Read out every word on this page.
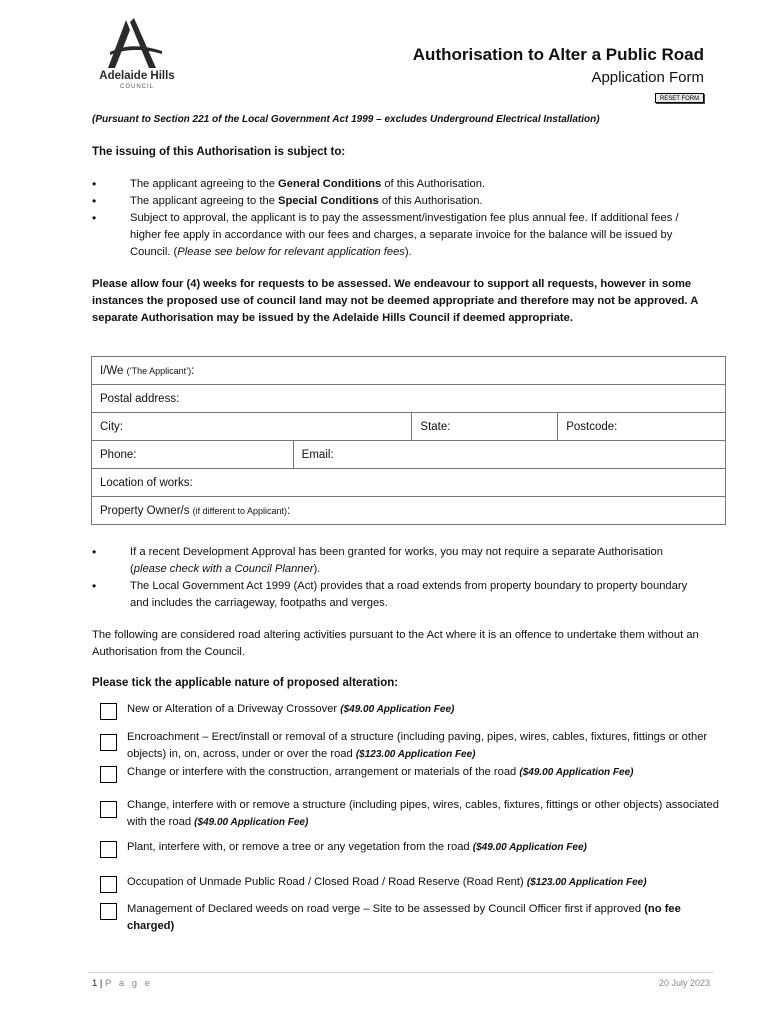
Adelaide Hills
COUNCIL
Authorisation to Alter a Public Road
Application Form
RESET FORM
(Pursuant to Section 221 of the Local Government Act 1999 – excludes Underground Electrical Installation)
The issuing of this Authorisation is subject to:
• The applicant agreeing to the General Conditions of this Authorisation.
• The applicant agreeing to the Special Conditions of this Authorisation.
• Subject to approval, the applicant is to pay the assessment/investigation fee plus annual fee. If additional fees / higher fee apply in accordance with our fees and charges, a separate invoice for the balance will be issued by Council. (Please see below for relevant application fees).
Please allow four (4) weeks for requests to be assessed. We endeavour to support all requests, however in some instances the proposed use of council land may not be deemed appropriate and therefore may not be approved. A separate Authorisation may be issued by the Adelaide Hills Council if deemed appropriate.
I/We (‘The Applicant’):			
Postal address:			
City:		State:	Postcode:
Phone:	Email:		
Location of works:			
Property Owner/s (if different to Applicant):			
• If a recent Development Approval has been granted for works, you may not require a separate Authorisation (please check with a Council Planner).
• The Local Government Act 1999 (Act) provides that a road extends from property boundary to property boundary and includes the carriageway, footpaths and verges.
The following are considered road altering activities pursuant to the Act where it is an offence to undertake them without an Authorisation from the Council.
Please tick the applicable nature of proposed alteration:
New or Alteration of a Driveway Crossover ($49.00 Application Fee)
Encroachment – Erect/install or removal of a structure (including paving, pipes, wires, cables, fixtures, fittings or other objects) in, on, across, under or over the road ($123.00 Application Fee)
Change or interfere with the construction, arrangement or materials of the road ($49.00 Application Fee)
Change, interfere with or remove a structure (including pipes, wires, cables, fixtures, fittings or other objects) associated with the road ($49.00 Application Fee)
Plant, interfere with, or remove a tree or any vegetation from the road ($49.00 Application Fee)
Occupation of Unmade Public Road / Closed Road / Road Reserve (Road Rent) ($123.00 Application Fee)
Management of Declared weeds on road verge – Site to be assessed by Council Officer first if approved (no fee charged)
1 | P a g e	20 July 2023
